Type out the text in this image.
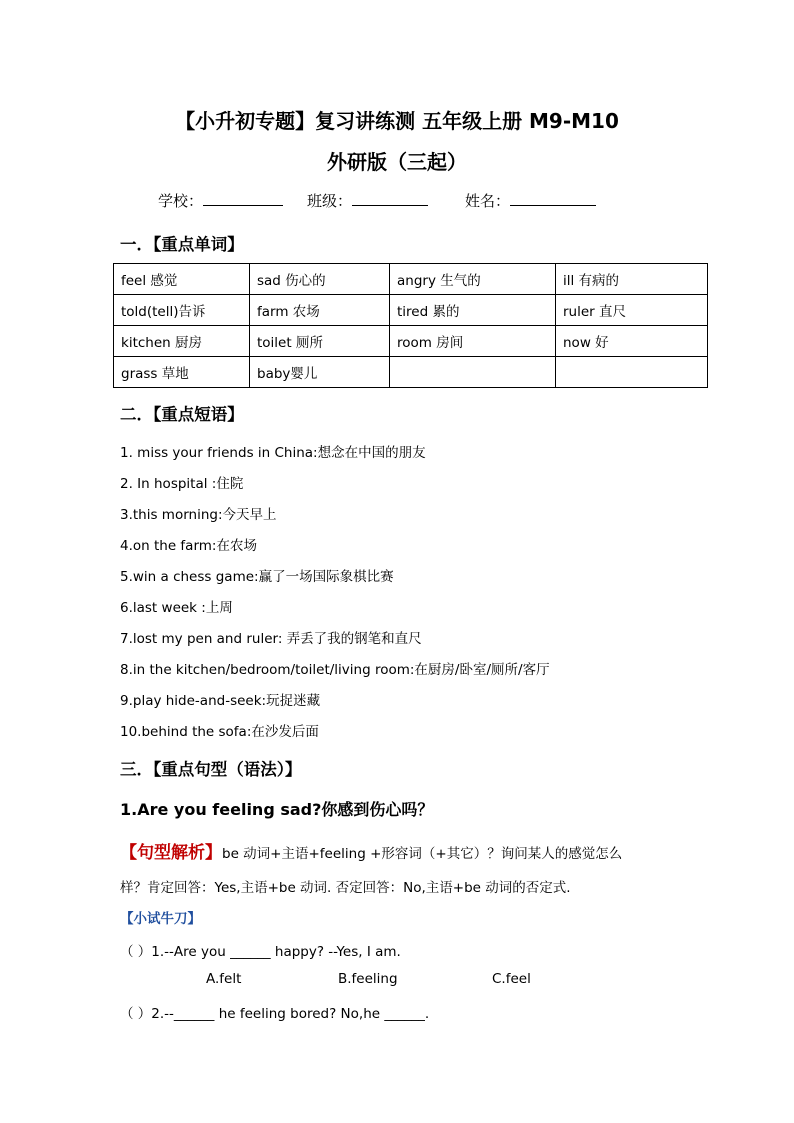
【小升初专题】复习讲练测 五年级上册 M9-M10
外研版（三起）
学校：	班级：	姓名：
一．【重点单词】
feel 感觉	sad 伤心的	angry 生气的	ill 有病的
told(tell)告诉	farm 农场	tired 累的	ruler 直尺
kitchen 厨房	toilet 厕所	room 房间	now 好
grass 草地	baby婴儿		
二．【重点短语】
1. miss your friends in China:想念在中国的朋友
2. In hospital :住院
3.this morning:今天早上
4.on the farm:在农场
5.win a chess game:赢了一场国际象棋比赛
6.last week :上周
7.lost my pen and ruler: 弄丢了我的钢笔和直尺
8.in the kitchen/bedroom/toilet/living room:在厨房/卧室/厕所/客厅
9.play hide-and-seek:玩捉迷藏
10.behind the sofa:在沙发后面
三．【重点句型（语法）】
1.Are you feeling sad?你感到伤心吗？
【句型解析】be 动词+主语+feeling +形容词（+其它）？询问某人的感觉怎么
样？肯定回答：Yes,主语+be 动词. 否定回答：No,主语+be 动词的否定式.
【小试牛刀】
（ ）1.--Are you ______ happy? --Yes, I am.
A.felt	B.feeling	C.feel
（ ）2.--______ he feeling bored? No,he ______.
